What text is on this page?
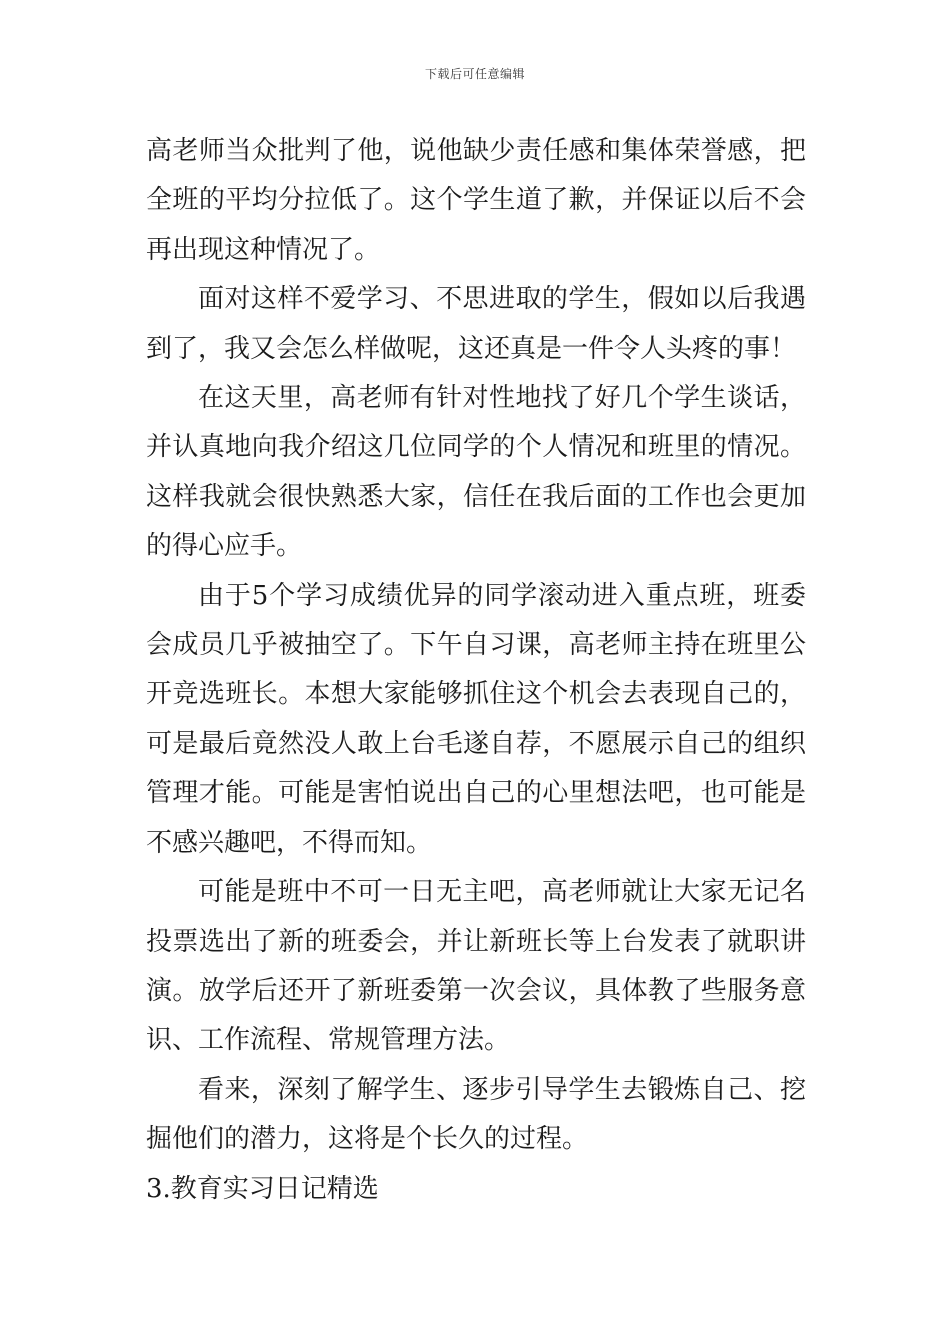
下载后可任意编辑

高老师当众批判了他，说他缺少责任感和集体荣誉感，把全班的平均分拉低了。这个学生道了歉，并保证以后不会再出现这种情况了。

面对这样不爱学习、不思进取的学生，假如以后我遇到了，我又会怎么样做呢，这还真是一件令人头疼的事！

在这天里，高老师有针对性地找了好几个学生谈话，并认真地向我介绍这几位同学的个人情况和班里的情况。这样我就会很快熟悉大家，信任在我后面的工作也会更加的得心应手。

由于5个学习成绩优异的同学滚动进入重点班，班委会成员几乎被抽空了。下午自习课，高老师主持在班里公开竞选班长。本想大家能够抓住这个机会去表现自己的，可是最后竟然没人敢上台毛遂自荐，不愿展示自己的组织管理才能。可能是害怕说出自己的心里想法吧，也可能是不感兴趣吧，不得而知。

可能是班中不可一日无主吧，高老师就让大家无记名投票选出了新的班委会，并让新班长等上台发表了就职讲演。放学后还开了新班委第一次会议，具体教了些服务意识、工作流程、常规管理方法。

看来，深刻了解学生、逐步引导学生去锻炼自己、挖掘他们的潜力，这将是个长久的过程。

3.教育实习日记精选
